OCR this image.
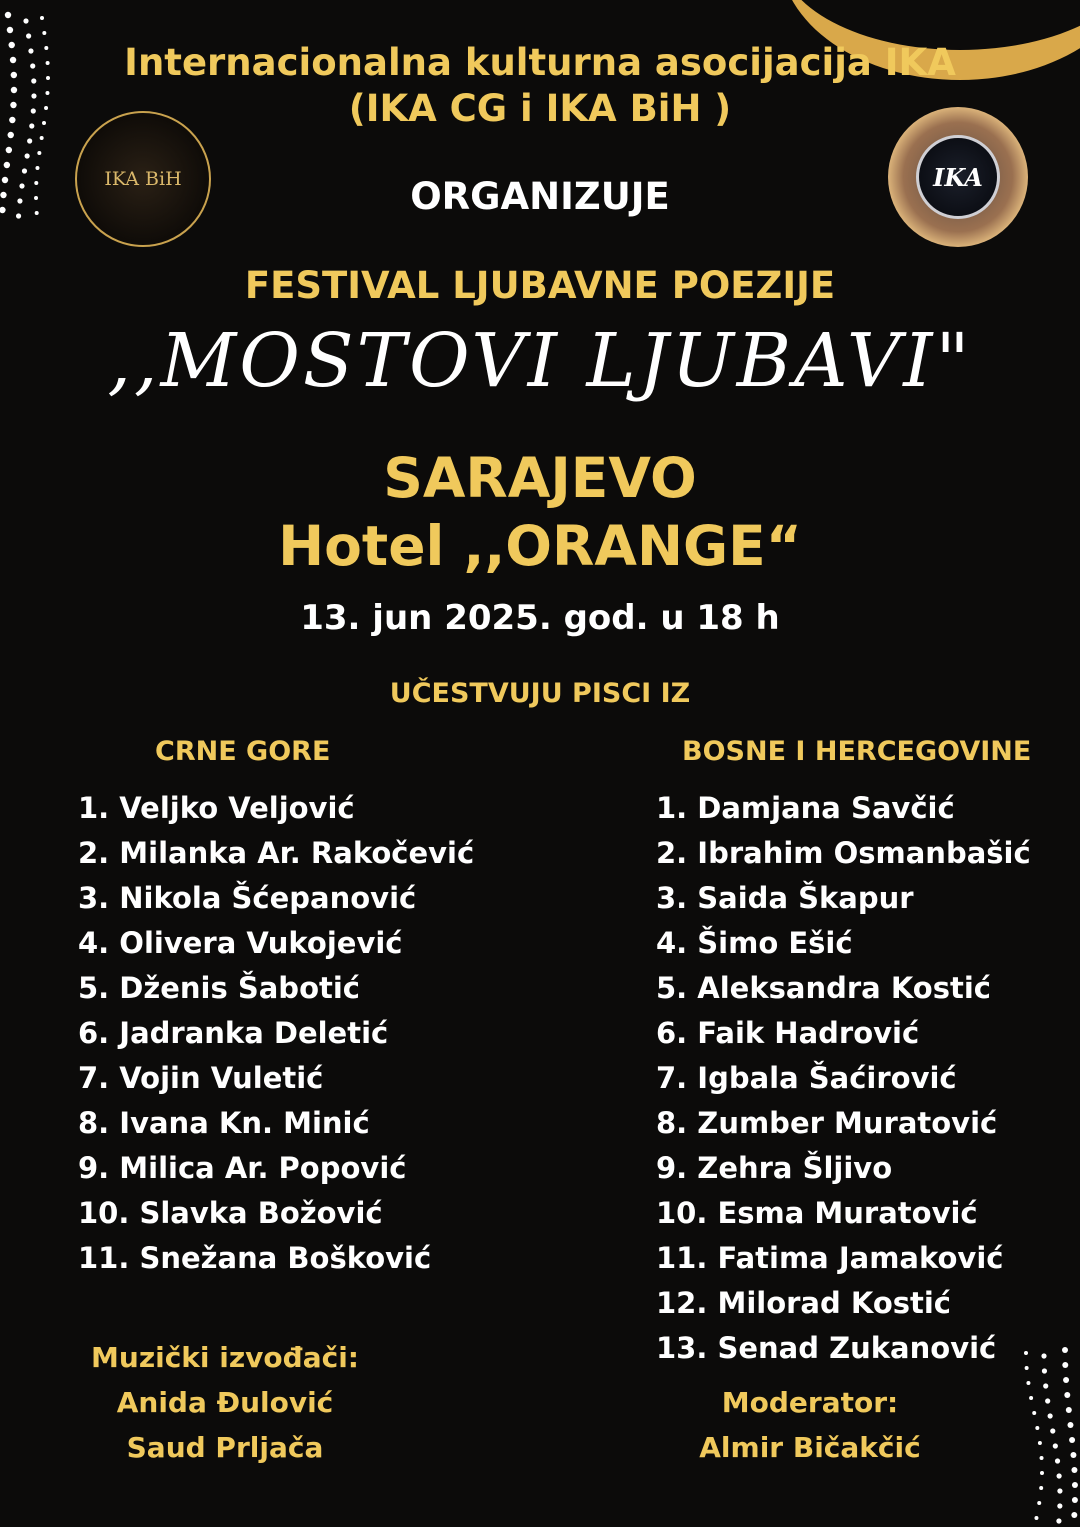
Internacionalna kulturna asocijacija IKA
(IKA CG i IKA BiH )
IKA BiH	IKA
ORGANIZUJE
FESTIVAL LJUBAVNE POEZIJE
,,MOSTOVI LJUBAVI"
SARAJEVO
Hotel ,,ORANGE“
13. jun 2025. god. u 18 h
UČESTVUJU PISCI IZ
CRNE GORE	BOSNE I HERCEGOVINE
1. Veljko Veljović
2. Milanka Ar. Rakočević
3. Nikola Šćepanović
4. Olivera Vukojević
5. Dženis Šabotić
6. Jadranka Deletić
7. Vojin Vuletić
8. Ivana Kn. Minić
9. Milica Ar. Popović
10. Slavka Božović
11. Snežana Bošković
1. Damjana Savčić
2. Ibrahim Osmanbašić
3. Saida Škapur
4. Šimo Ešić
5. Aleksandra Kostić
6. Faik Hadrović
7. Igbala Šaćirović
8. Zumber Muratović
9. Zehra Šljivo
10. Esma Muratović
11. Fatima Jamaković
12. Milorad Kostić
13. Senad Zukanović
Muzički izvođači:
Anida Đulović
Saud Prljača
Moderator:
Almir Bičakčić
